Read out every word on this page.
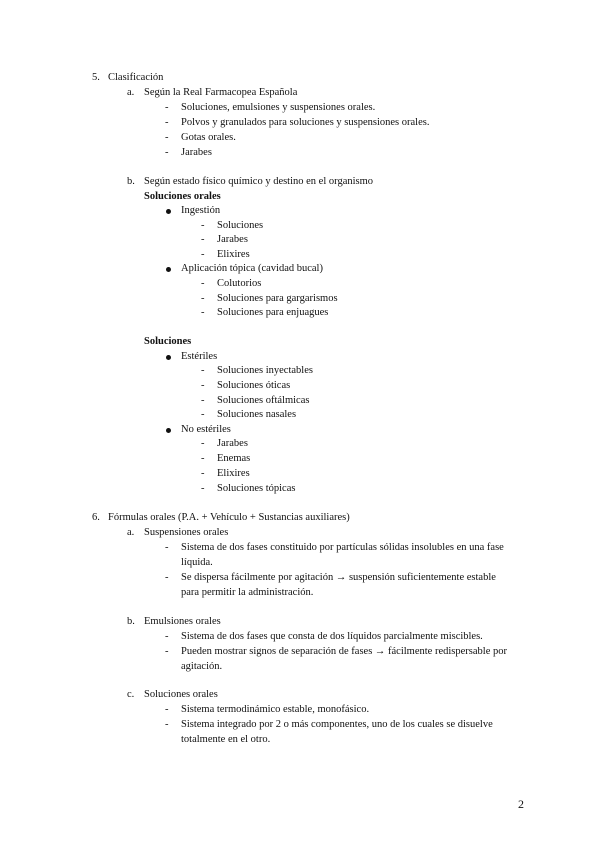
5. Clasificación
a. Según la Real Farmacopea Española
- Soluciones, emulsiones y suspensiones orales.
- Polvos y granulados para soluciones y suspensiones orales.
- Gotas orales.
- Jarabes
b. Según estado físico químico y destino en el organismo
Soluciones orales
Ingestión
- Soluciones
- Jarabes
- Elixires
Aplicación tópica (cavidad bucal)
- Colutorios
- Soluciones para gargarismos
- Soluciones para enjuagues
Soluciones
Estériles
- Soluciones inyectables
- Soluciones óticas
- Soluciones oftálmicas
- Soluciones nasales
No estériles
- Jarabes
- Enemas
- Elixires
- Soluciones tópicas
6. Fórmulas orales (P.A. + Vehículo + Sustancias auxiliares)
a. Suspensiones orales
- Sistema de dos fases constituido por partículas sólidas insolubles en una fase
líquida.
- Se dispersa fácilmente por agitación → suspensión suficientemente estable
para permitir la administración.
b. Emulsiones orales
- Sistema de dos fases que consta de dos líquidos parcialmente miscibles.
- Pueden mostrar signos de separación de fases → fácilmente redispersable por
agitación.
c. Soluciones orales
- Sistema termodinámico estable, monofásico.
- Sistema integrado por 2 o más componentes, uno de los cuales se disuelve
totalmente en el otro.
2
